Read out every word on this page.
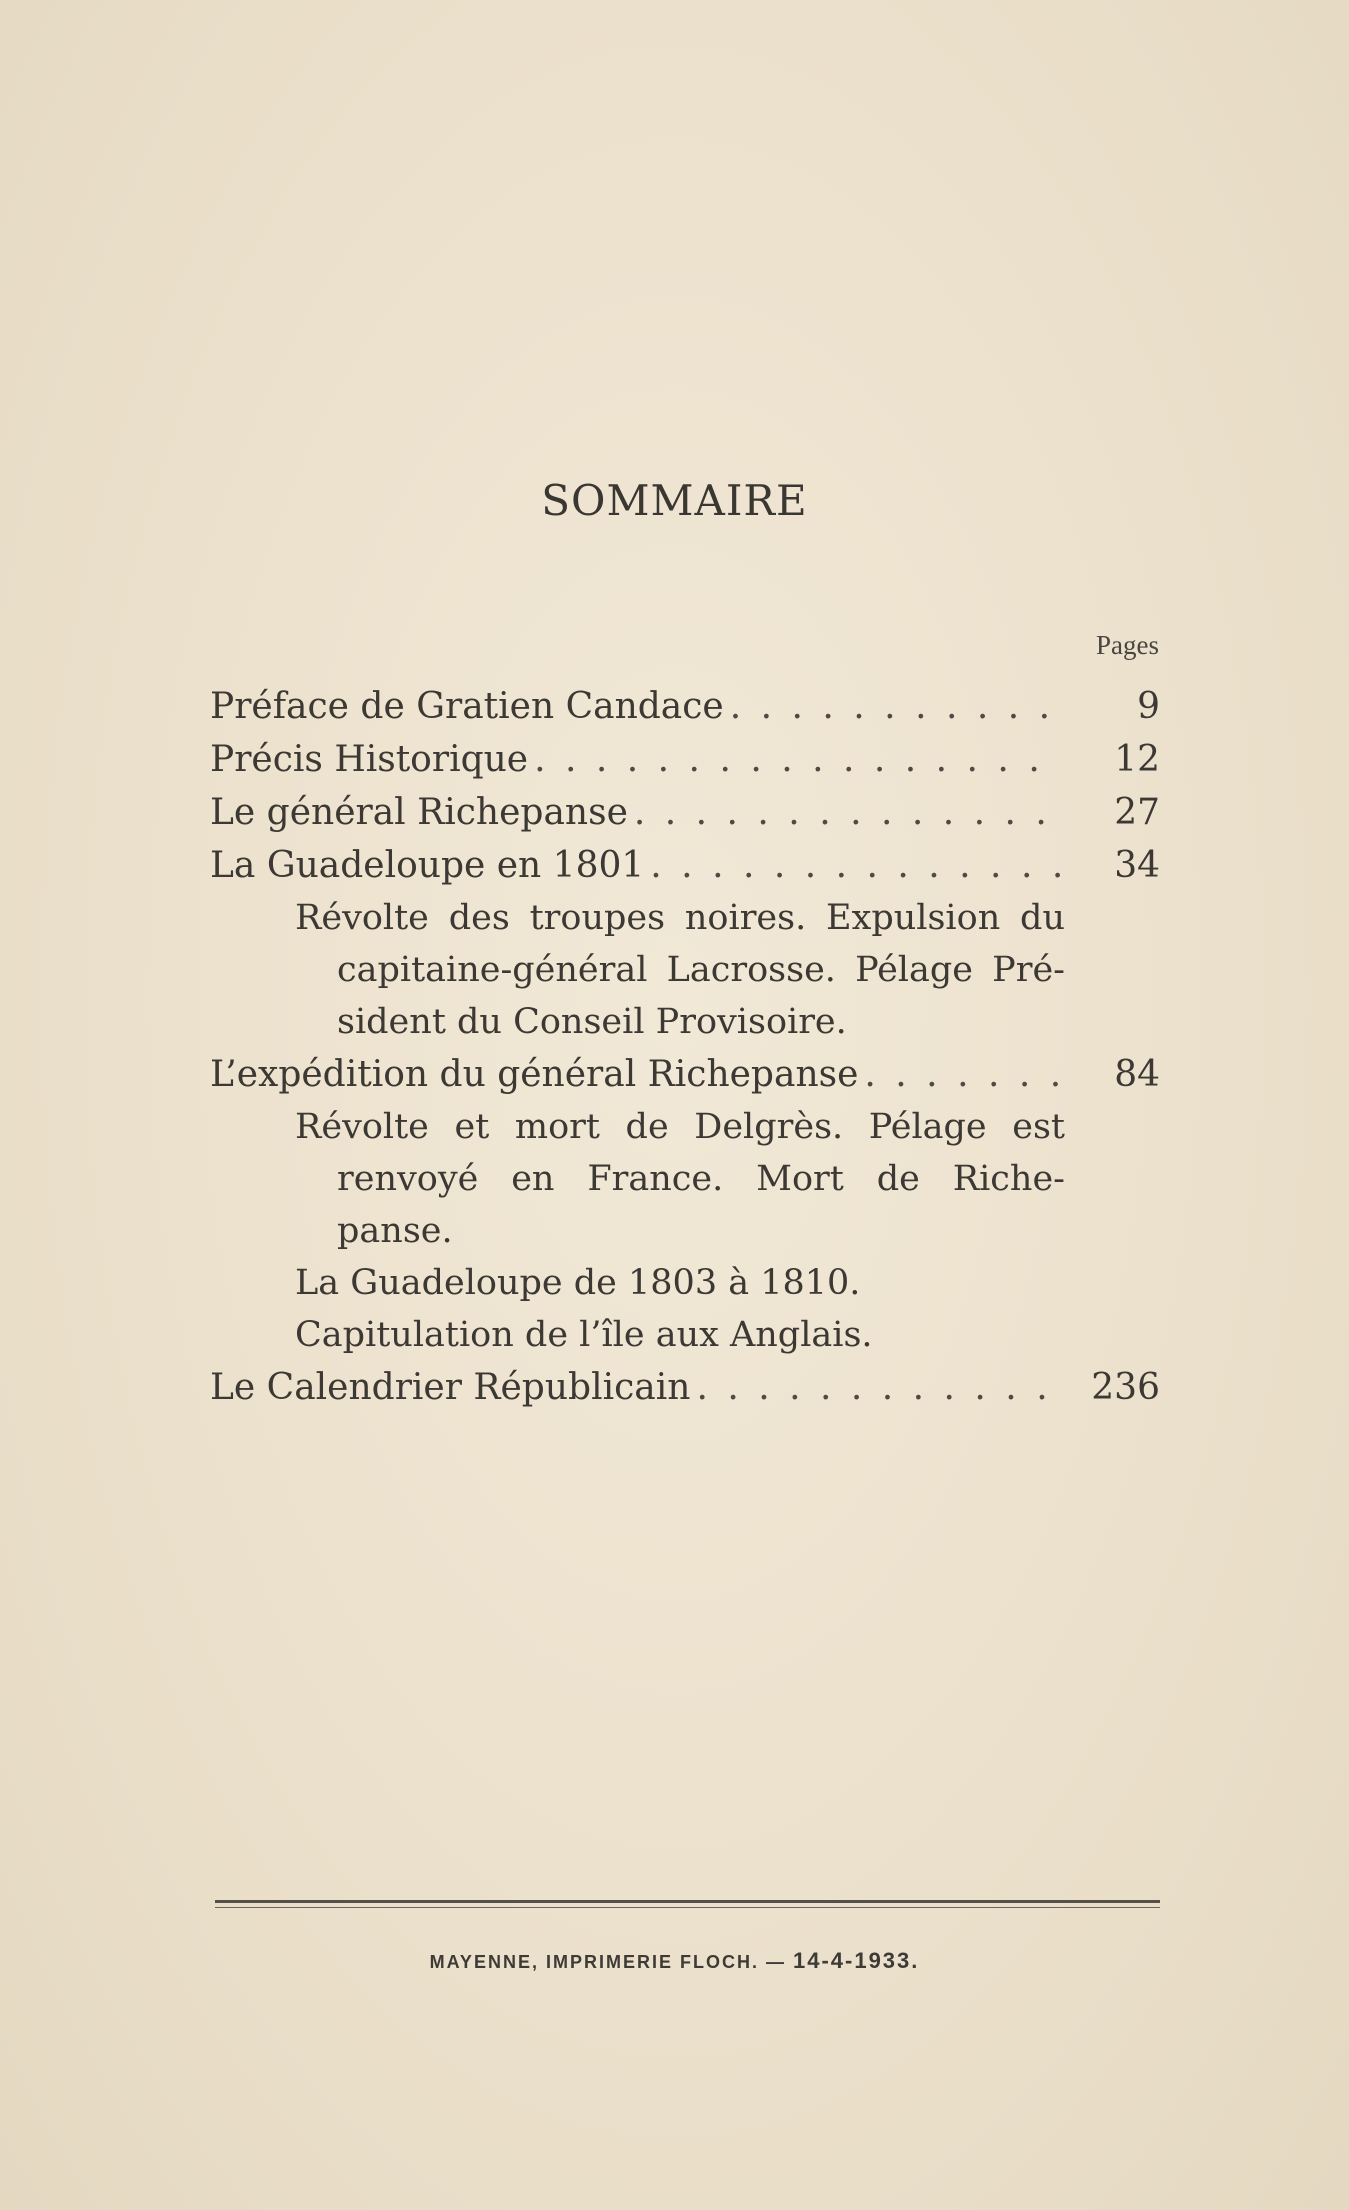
SOMMAIRE
Pages
Préface de Gratien Candace . . .	9
Précis Historique . . .	12
Le général Richepanse . . .	27
La Guadeloupe en 1801 . . .	34
Révolte des troupes noires. Expulsion du
capitaine-général Lacrosse. Pélage Pré-
sident du Conseil Provisoire.
L’expédition du général Richepanse . . .	84
Révolte et mort de Delgrès. Pélage est
renvoyé en France. Mort de Riche-
panse.
La Guadeloupe de 1803 à 1810.
Capitulation de l’île aux Anglais.
Le Calendrier Républicain . . .	236
MAYENNE, IMPRIMERIE FLOCH. — 14-4-1933.
